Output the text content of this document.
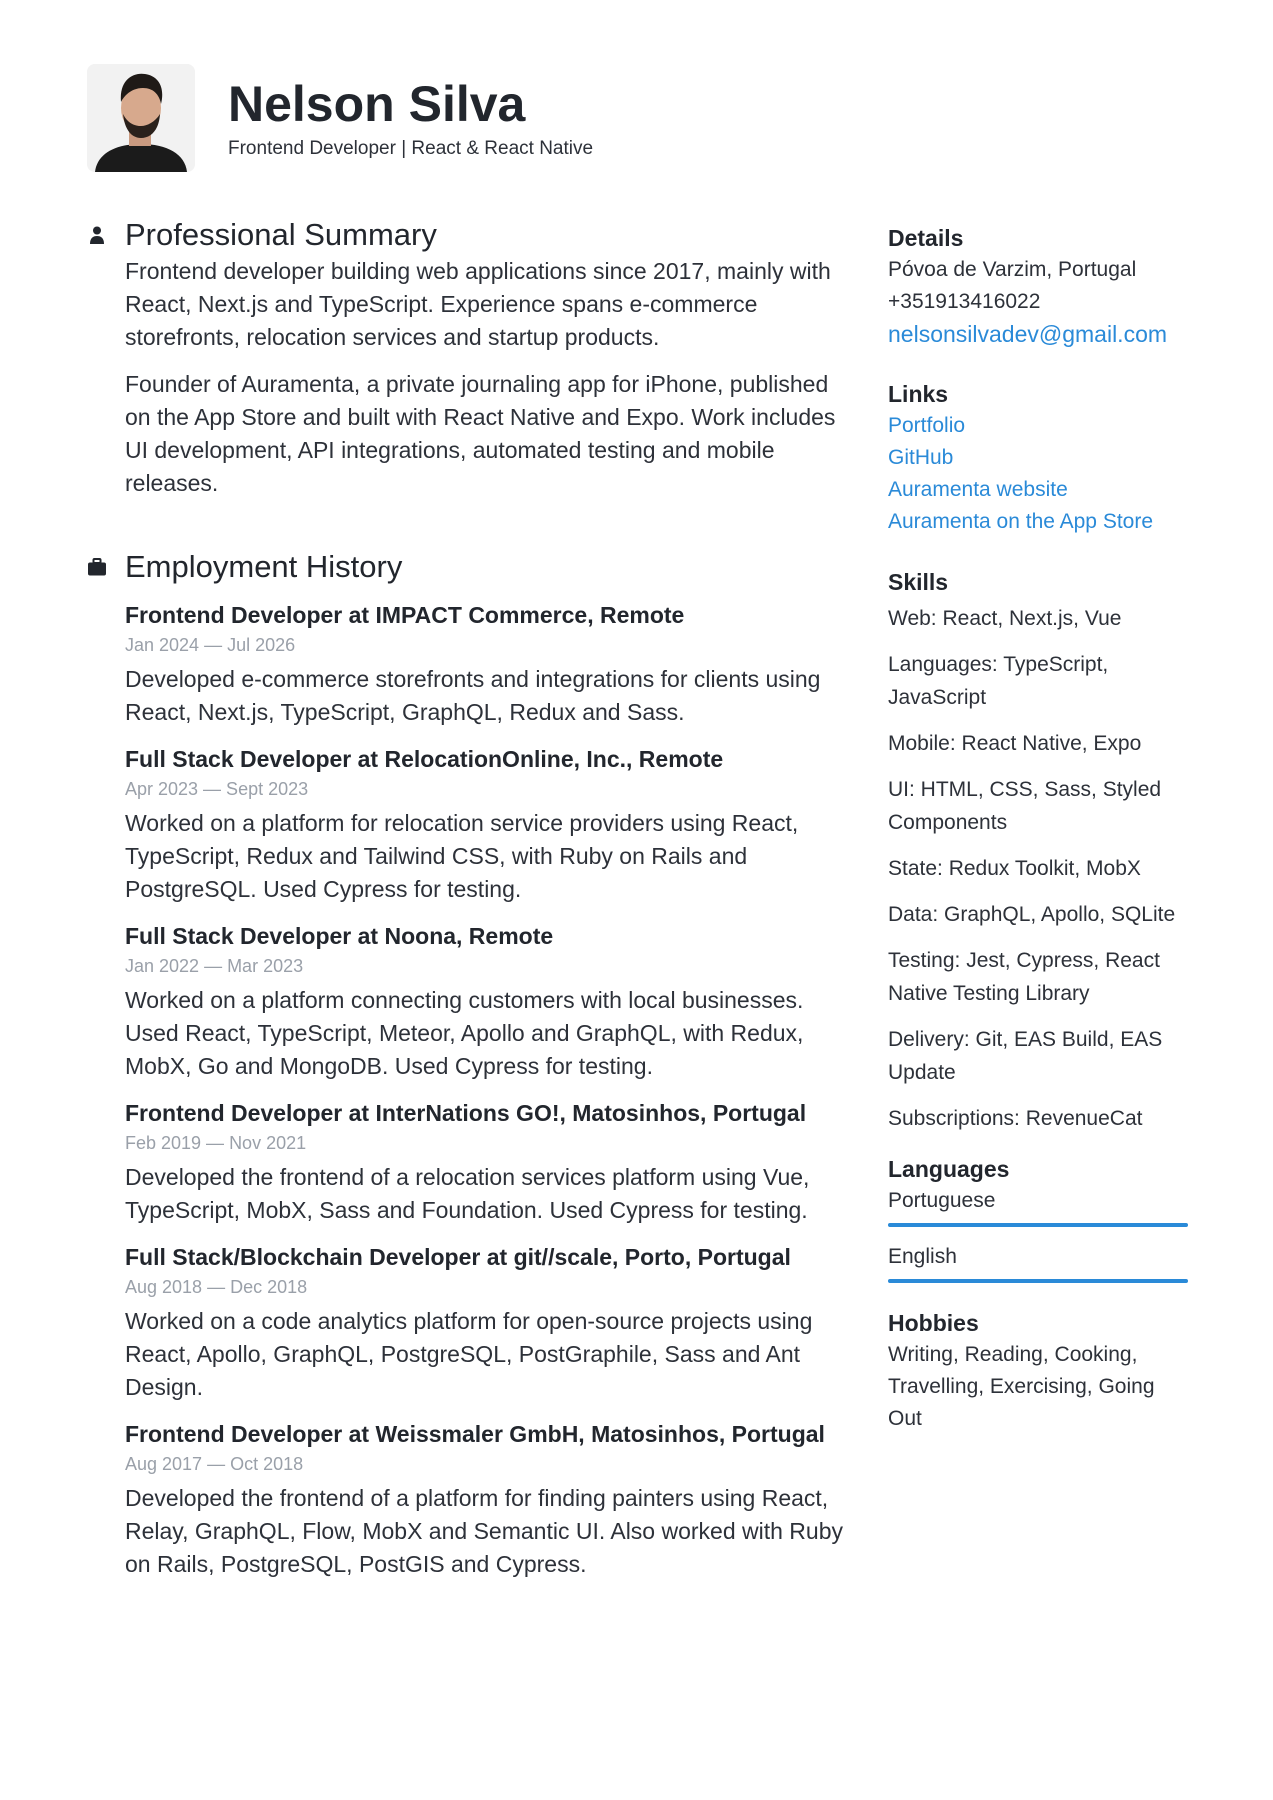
Nelson Silva
Frontend Developer | React & React Native
Professional Summary

Frontend developer building web applications since 2017, mainly with React, Next.js and TypeScript. Experience spans e-commerce storefronts, relocation services and startup products.

Founder of Auramenta, a private journaling app for iPhone, published on the App Store and built with React Native and Expo. Work includes UI development, API integrations, automated testing and mobile releases.

Employment History
Frontend Developer at IMPACT Commerce, Remote
Jan 2024 — Jul 2026
Developed e-commerce storefronts and integrations for clients using React, Next.js, TypeScript, GraphQL, Redux and Sass.
Full Stack Developer at RelocationOnline, Inc., Remote
Apr 2023 — Sept 2023
Worked on a platform for relocation service providers using React, TypeScript, Redux and Tailwind CSS, with Ruby on Rails and PostgreSQL. Used Cypress for testing.
Full Stack Developer at Noona, Remote
Jan 2022 — Mar 2023
Worked on a platform connecting customers with local businesses. Used React, TypeScript, Meteor, Apollo and GraphQL, with Redux, MobX, Go and MongoDB. Used Cypress for testing.
Frontend Developer at InterNations GO!, Matosinhos, Portugal
Feb 2019 — Nov 2021
Developed the frontend of a relocation services platform using Vue, TypeScript, MobX, Sass and Foundation. Used Cypress for testing.
Full Stack/Blockchain Developer at git//scale, Porto, Portugal
Aug 2018 — Dec 2018
Worked on a code analytics platform for open-source projects using React, Apollo, GraphQL, PostgreSQL, PostGraphile, Sass and Ant Design.
Frontend Developer at Weissmaler GmbH, Matosinhos, Portugal
Aug 2017 — Oct 2018
Developed the frontend of a platform for finding painters using React, Relay, GraphQL, Flow, MobX and Semantic UI. Also worked with Ruby on Rails, PostgreSQL, PostGIS and Cypress.
Details
Póvoa de Varzim, Portugal
+351913416022
nelsonsilvadev@gmail.com
Links
Portfolio
GitHub
Auramenta website
Auramenta on the App Store
Skills
Web: React, Next.js, Vue
Languages: TypeScript, JavaScript
Mobile: React Native, Expo
UI: HTML, CSS, Sass, Styled Components
State: Redux Toolkit, MobX
Data: GraphQL, Apollo, SQLite
Testing: Jest, Cypress, React Native Testing Library
Delivery: Git, EAS Build, EAS Update
Subscriptions: RevenueCat
Languages
Portuguese
English
Hobbies
Writing, Reading, Cooking, Travelling, Exercising, Going Out
